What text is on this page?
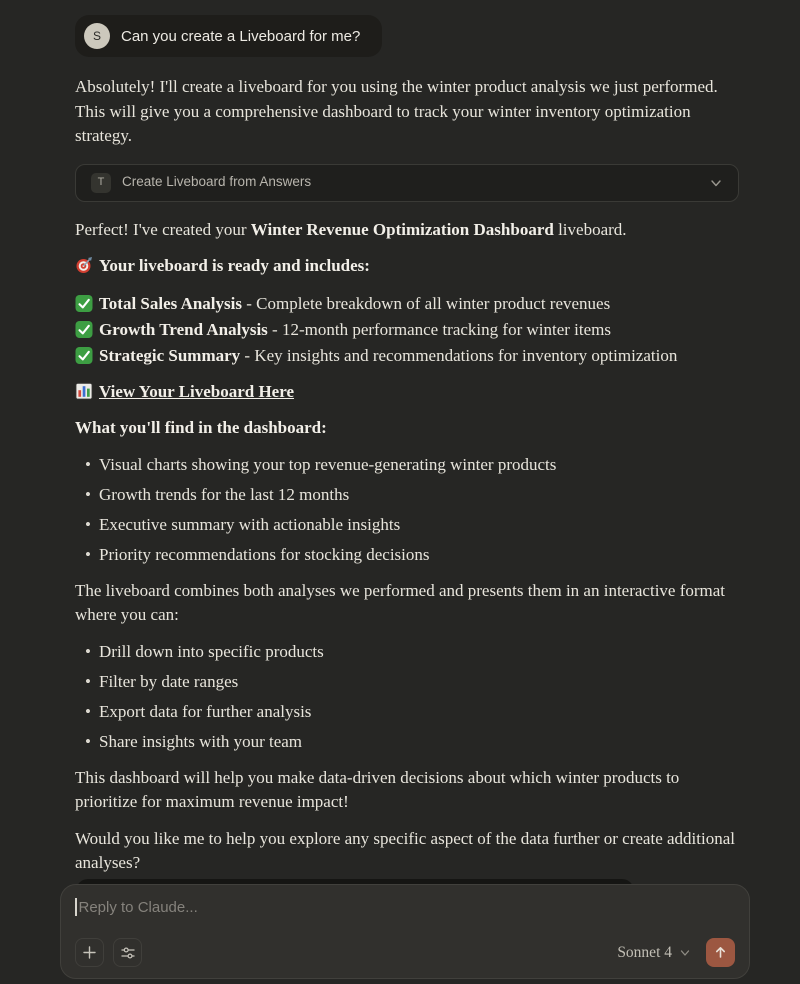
S	Can you create a Liveboard for me?

Absolutely! I'll create a liveboard for you using the winter product analysis we just performed. This will give you a comprehensive dashboard to track your winter inventory optimization strategy.

T	Create Liveboard from Answers

Perfect! I've created your Winter Revenue Optimization Dashboard liveboard.

Your liveboard is ready and includes:

Total Sales Analysis - Complete breakdown of all winter product revenues
Growth Trend Analysis - 12-month performance tracking for winter items
Strategic Summary - Key insights and recommendations for inventory optimization

View Your Liveboard Here

What you'll find in the dashboard:

• Visual charts showing your top revenue-generating winter products
• Growth trends for the last 12 months
• Executive summary with actionable insights
• Priority recommendations for stocking decisions

The liveboard combines both analyses we performed and presents them in an interactive format where you can:

• Drill down into specific products
• Filter by date ranges
• Export data for further analysis
• Share insights with your team

This dashboard will help you make data-driven decisions about which winter products to prioritize for maximum revenue impact!

Would you like me to help you explore any specific aspect of the data further or create additional analyses?

Reply to Claude...
Sonnet 4
